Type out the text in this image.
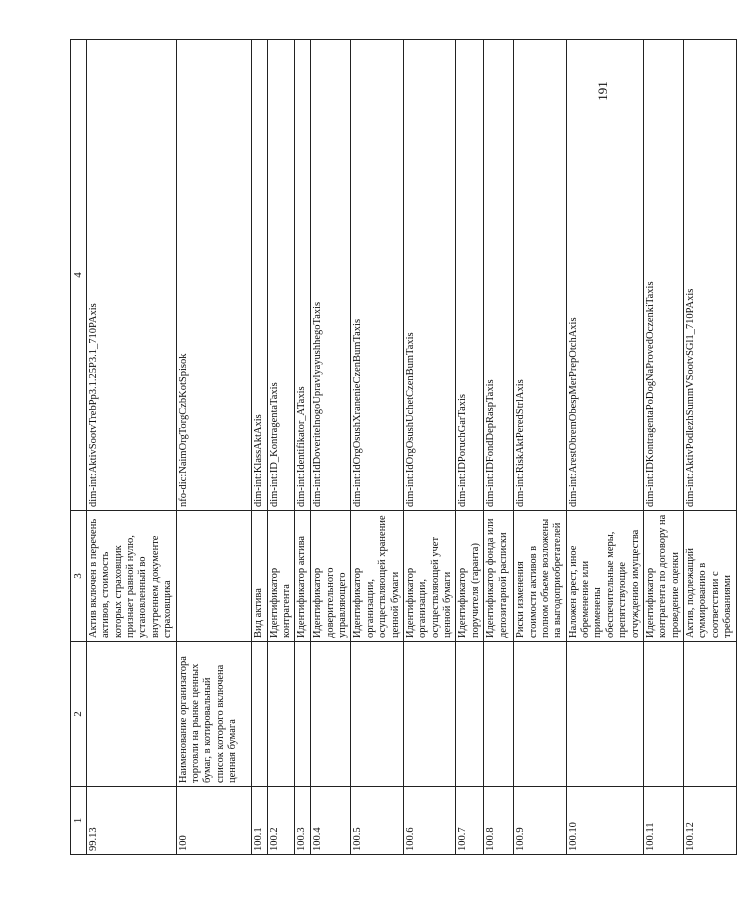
1	2	3	4
99.13		Актив включен в перечень активов, стоимость которых страховщик признает равной нулю, установленный во внутреннем документе страховщика	dim-int:AktivSootvTrebPp3.1.25P3.1_710PAxis
100	Наименование организатора торговли на рынке ценных бумаг, в котировальный список которого включена ценная бумага		nfo-dic:NaimOrgTorgCzbKotSpisok
100.1		Вид актива	dim-int:KlassAktAxis
100.2		Идентификатор контрагента	dim-int:ID_KontragentaTaxis
100.3		Идентификатор актива	dim-int:Identifikator_ATaxis
100.4		Идентификатор доверительного управляющего	dim-int:IdDoveritelnogoUpravlyayushhegoTaxis
100.5		Идентификатор организации, осуществляющей хранение ценной бумаги	dim-int:IdOrgOsushXranenieCzenBumTaxis
100.6		Идентификатор организации, осуществляющей учет ценной бумаги	dim-int:IdOrgOsushUchetCzenBumTaxis
100.7		Идентификатор поручителя (гаранта)	dim-int:IDPoruchGarTaxis
100.8		Идентификатор фонда или депозитарной расписки	dim-int:IDFondDepRaspTaxis
100.9		Риски изменения стоимости активов в полном объеме возложены на выгодоприобретателей	dim-int:RiskAktPeredStrlAxis
100.10		Наложен арест, иное обременение или применены обеспечительные меры, препятствующие отчуждению имущества	dim-int:ArestObremObespMerPrepOtchAxis
100.11		Идентификатор контрагента по договору на проведение оценки	dim-int:IDKontragentaPoDogNaProvedOczenkiTaxis
100.12		Актив, подлежащий суммированию в соответствии с требованиями	dim-int:AktivPodlezhSummVSootvSGl1_710PAxis
191
